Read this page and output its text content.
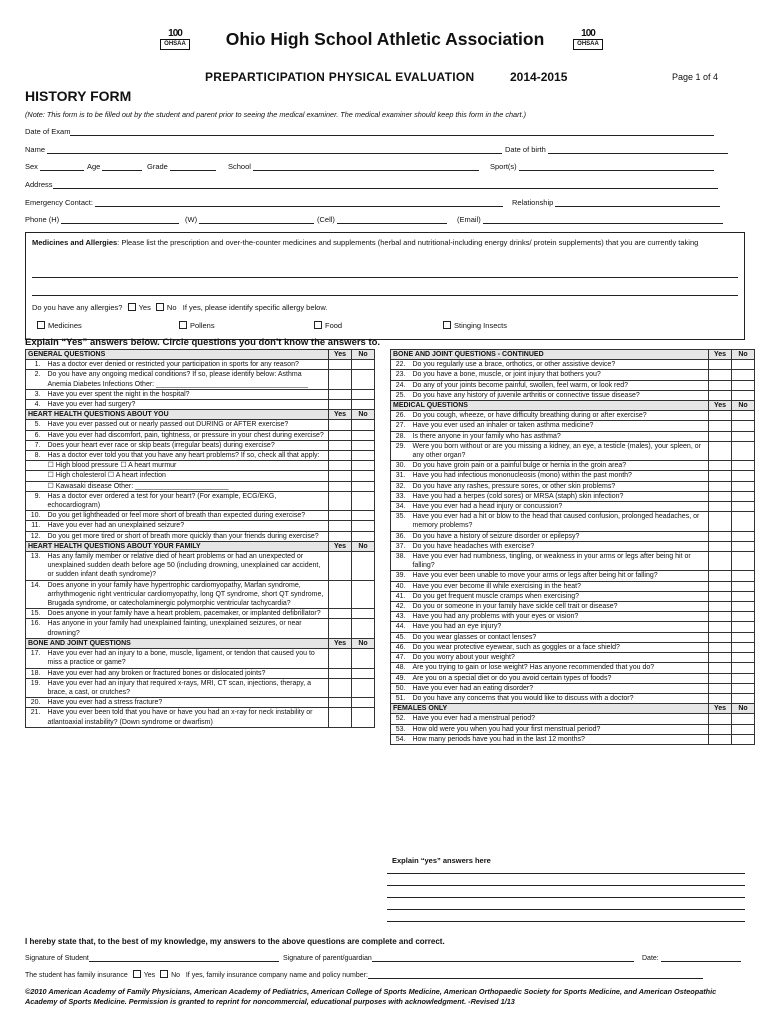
100
OHSAA
100
OHSAA
Ohio High School Athletic Association
PREPARTICIPATION PHYSICAL EVALUATION	2014-2015	Page 1 of 4
HISTORY FORM
(Note: This form is to be filled out by the student and parent prior to seeing the medical examiner. The medical examiner should keep this form in the chart.)
Date of Exam
Name	Date of birth
Sex	Age	Grade	School	Sport(s)
Address
Emergency Contact:	Relationship
Phone (H)	(W)	(Cell)	(Email)
Medicines and Allergies: Please list the prescription and over-the-counter medicines and supplements (herbal and nutritional-including energy drinks/ protein supplements) that you are currently taking
Do you have any allergies? Yes No If yes, please identify specific allergy below.
Medicines	Pollens	Food	Stinging Insects
Explain “Yes” answers below. Circle questions you don't know the answers to.
GENERAL QUESTIONS		Yes	No
1.	Has a doctor ever denied or restricted your participation in sports for any reason?		
2.	Do you have any ongoing medical conditions? If so, please identify below: Asthma Anemia Diabetes Infections Other: _______________________________________		
3.	Have you ever spent the night in the hospital?		
4.	Have you ever had surgery?		
HEART HEALTH QUESTIONS ABOUT YOU		Yes	No
5.	Have you ever passed out or nearly passed out DURING or AFTER exercise?		
6.	Have you ever had discomfort, pain, tightness, or pressure in your chest during exercise?		
7.	Does your heart ever race or skip beats (irregular beats) during exercise?		
8.	Has a doctor ever told you that you have any heart problems? If so, check all that apply:		
	☐ High blood pressure ☐ A heart murmur		
	☐ High cholesterol ☐ A heart infection		
	☐ Kawasaki disease Other: ________________________		
9.	Has a doctor ever ordered a test for your heart? (For example, ECG/EKG, echocardiogram)		
10.	Do you get lightheaded or feel more short of breath than expected during exercise?		
11.	Have you ever had an unexplained seizure?		
12.	Do you get more tired or short of breath more quickly than your friends during exercise?		
HEART HEALTH QUESTIONS ABOUT YOUR FAMILY		Yes	No
13.	Has any family member or relative died of heart problems or had an unexpected or unexplained sudden death before age 50 (including drowning, unexplained car accident, or sudden infant death syndrome)?		
14.	Does anyone in your family have hypertrophic cardiomyopathy, Marfan syndrome, arrhythmogenic right ventricular cardiomyopathy, long QT syndrome, short QT syndrome, Brugada syndrome, or catecholaminergic polymorphic ventricular tachycardia?		
15.	Does anyone in your family have a heart problem, pacemaker, or implanted defibrillator?		
16.	Has anyone in your family had unexplained fainting, unexplained seizures, or near drowning?		
BONE AND JOINT QUESTIONS		Yes	No
17.	Have you ever had an injury to a bone, muscle, ligament, or tendon that caused you to miss a practice or game?		
18.	Have you ever had any broken or fractured bones or dislocated joints?		
19.	Have you ever had an injury that required x-rays, MRI, CT scan, injections, therapy, a brace, a cast, or crutches?		
20.	Have you ever had a stress fracture?		
21.	Have you ever been told that you have or have you had an x-ray for neck instability or atlantoaxial instability? (Down syndrome or dwarfism)		
BONE AND JOINT QUESTIONS - CONTINUED		Yes	No
22.	Do you regularly use a brace, orthotics, or other assistive device?		
23.	Do you have a bone, muscle, or joint injury that bothers you?		
24.	Do any of your joints become painful, swollen, feel warm, or look red?		
25.	Do you have any history of juvenile arthritis or connective tissue disease?		
MEDICAL QUESTIONS		Yes	No
26.	Do you cough, wheeze, or have difficulty breathing during or after exercise?		
27.	Have you ever used an inhaler or taken asthma medicine?		
28.	Is there anyone in your family who has asthma?		
29.	Were you born without or are you missing a kidney, an eye, a testicle (males), your spleen, or any other organ?		
30.	Do you have groin pain or a painful bulge or hernia in the groin area?		
31.	Have you had infectious mononucleosis (mono) within the past month?		
32.	Do you have any rashes, pressure sores, or other skin problems?		
33.	Have you had a herpes (cold sores) or MRSA (staph) skin infection?		
34.	Have you ever had a head injury or concussion?		
35.	Have you ever had a hit or blow to the head that caused confusion, prolonged headaches, or memory problems?		
36.	Do you have a history of seizure disorder or epilepsy?		
37.	Do you have headaches with exercise?		
38.	Have you ever had numbness, tingling, or weakness in your arms or legs after being hit or falling?		
39.	Have you ever been unable to move your arms or legs after being hit or falling?		
40.	Have you ever become ill while exercising in the heat?		
41.	Do you get frequent muscle cramps when exercising?		
42.	Do you or someone in your family have sickle cell trait or disease?		
43.	Have you had any problems with your eyes or vision?		
44.	Have you had an eye injury?		
45.	Do you wear glasses or contact lenses?		
46.	Do you wear protective eyewear, such as goggles or a face shield?		
47.	Do you worry about your weight?		
48.	Are you trying to gain or lose weight? Has anyone recommended that you do?		
49.	Are you on a special diet or do you avoid certain types of foods?		
50.	Have you ever had an eating disorder?		
51.	Do you have any concerns that you would like to discuss with a doctor?		
FEMALES ONLY		Yes	No
52.	Have you ever had a menstrual period?		
53.	How old were you when you had your first menstrual period?		
54.	How many periods have you had in the last 12 months?		
Explain “yes” answers here
I hereby state that, to the best of my knowledge, my answers to the above questions are complete and correct.
Signature of Student	Signature of parent/guardian	Date:
The student has family insurance Yes No If yes, family insurance company name and policy number:
©2010 American Academy of Family Physicians, American Academy of Pediatrics, American College of Sports Medicine, American Orthopaedic Society for Sports Medicine, and American Osteopathic Academy of Sports Medicine. Permission is granted to reprint for noncommercial, educational purposes with acknowledgment. -Revised 1/13
